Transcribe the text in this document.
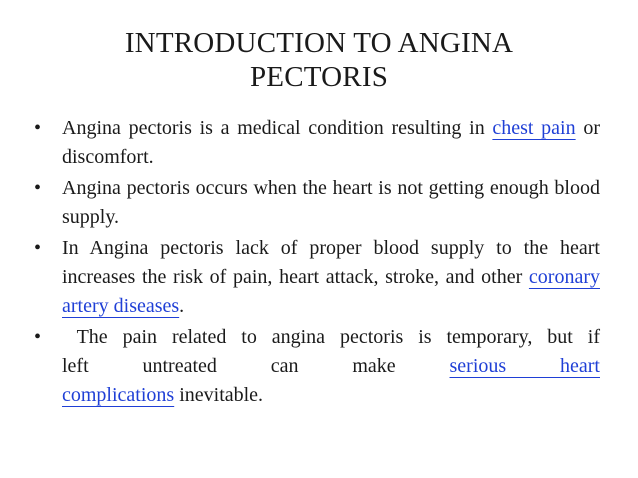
INTRODUCTION TO ANGINA PECTORIS
• Angina pectoris is a medical condition resulting in chest pain or discomfort.
• Angina pectoris occurs when the heart is not getting enough blood supply.
• In Angina pectoris lack of proper blood supply to the heart increases the risk of pain, heart attack, stroke, and other coronary artery diseases.
• The pain related to angina pectoris is temporary, but if
left untreated can make serious heart
complications inevitable.
